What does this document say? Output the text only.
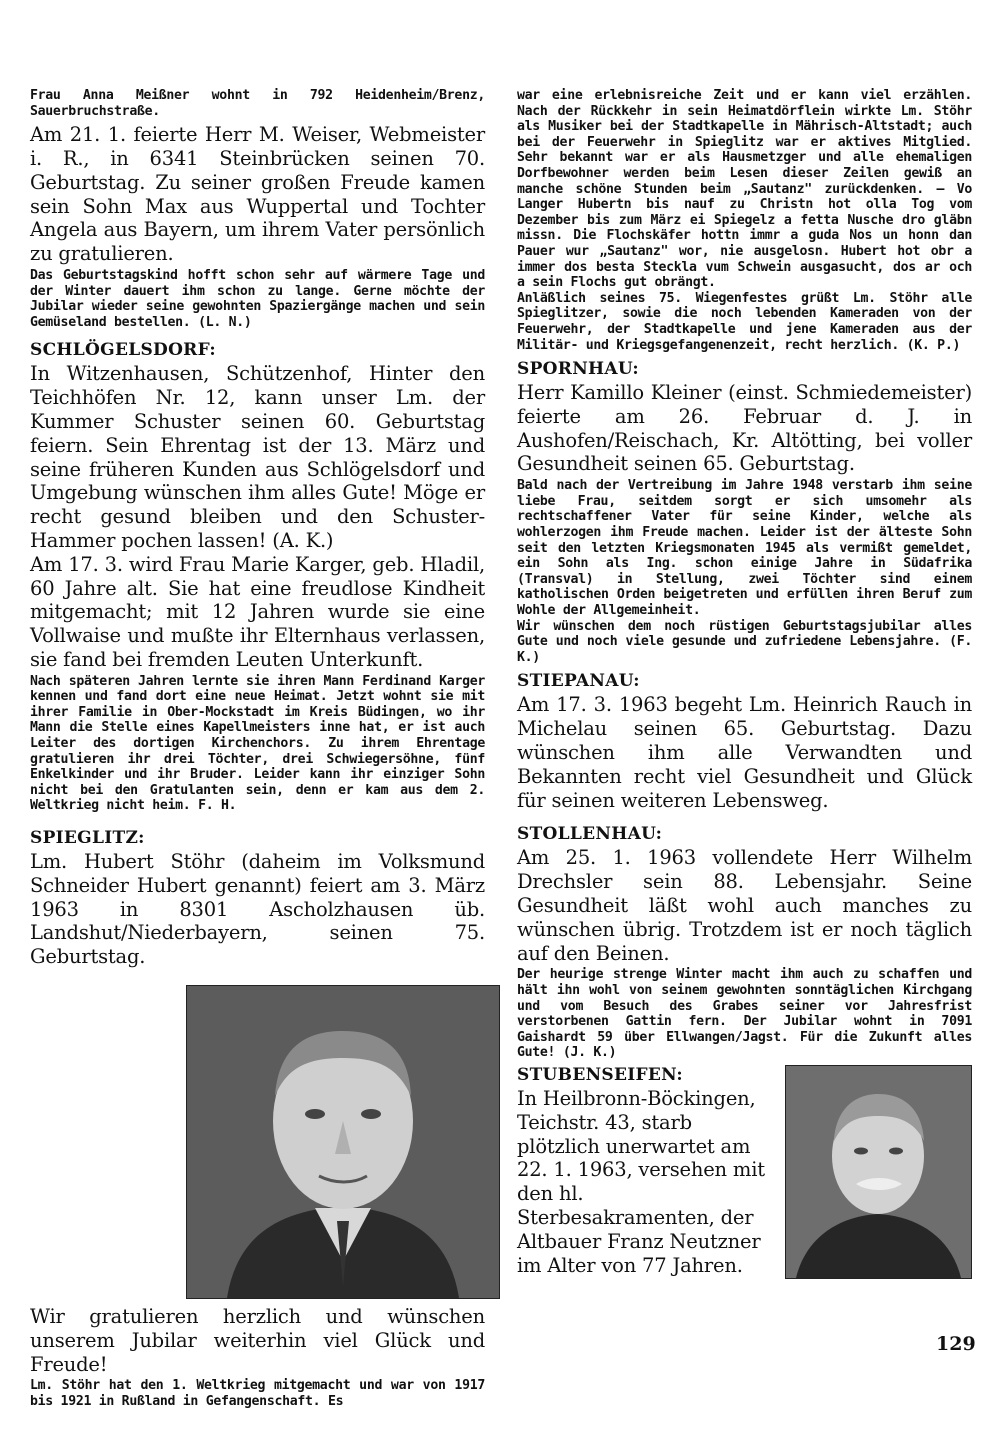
Frau Anna Meißner wohnt in 792 Heidenheim/Brenz, Sauerbruchstraße.

Am 21. 1. feierte Herr M. Weiser, Webmeister i. R., in 6341 Steinbrücken seinen 70. Geburtstag. Zu seiner großen Freude kamen sein Sohn Max aus Wuppertal und Tochter Angela aus Bayern, um ihrem Vater persönlich zu gratulieren.

Das Geburtstagskind hofft schon sehr auf wärmere Tage und der Winter dauert ihm schon zu lange. Gerne möchte der Jubilar wieder seine gewohnten Spaziergänge machen und sein Gemüseland bestellen. (L. N.)

SCHLÖGELSDORF:

In Witzenhausen, Schützenhof, Hinter den Teichhöfen Nr. 12, kann unser Lm. der Kummer Schuster seinen 60. Geburtstag feiern. Sein Ehrentag ist der 13. März und seine früheren Kunden aus Schlögelsdorf und Umgebung wünschen ihm alles Gute! Möge er recht gesund bleiben und den Schuster-Hammer pochen lassen! (A. K.)

Am 17. 3. wird Frau Marie Karger, geb. Hladil, 60 Jahre alt. Sie hat eine freudlose Kindheit mitgemacht; mit 12 Jahren wurde sie eine Vollwaise und mußte ihr Elternhaus verlassen, sie fand bei fremden Leuten Unterkunft.

Nach späteren Jahren lernte sie ihren Mann Ferdinand Karger kennen und fand dort eine neue Heimat. Jetzt wohnt sie mit ihrer Familie in Ober-Mockstadt im Kreis Büdingen, wo ihr Mann die Stelle eines Kapellmeisters inne hat, er ist auch Leiter des dortigen Kirchenchors. Zu ihrem Ehrentage gratulieren ihr drei Töchter, drei Schwiegersöhne, fünf Enkelkinder und ihr Bruder. Leider kann ihr einziger Sohn nicht bei den Gratulanten sein, denn er kam aus dem 2. Weltkrieg nicht heim. F. H.

SPIEGLITZ:

Lm. Hubert Stöhr (daheim im Volksmund Schneider Hubert genannt) feiert am 3. März 1963 in 8301 Ascholzhausen üb. Landshut/Niederbayern, seinen 75. Geburtstag.

Wir gratulieren herzlich und wünschen unserem Jubilar weiterhin viel Glück und Freude!

Lm. Stöhr hat den 1. Weltkrieg mitgemacht und war von 1917 bis 1921 in Rußland in Gefangenschaft. Es

war eine erlebnisreiche Zeit und er kann viel erzählen. Nach der Rückkehr in sein Heimatdörflein wirkte Lm. Stöhr als Musiker bei der Stadtkapelle in Mährisch-Altstadt; auch bei der Feuerwehr in Spieglitz war er aktives Mitglied. Sehr bekannt war er als Hausmetzger und alle ehemaligen Dorfbewohner werden beim Lesen dieser Zeilen gewiß an manche schöne Stunden beim „Sautanz" zurückdenken. — Vo Langer Hubertn bis nauf zu Christn hot olla Tog vom Dezember bis zum März ei Spiegelz a fetta Nusche dro gläbn missn. Die Flochskäfer hottn immr a guda Nos un honn dan Pauer wur „Sautanz" wor, nie ausgelosn. Hubert hot obr a immer dos besta Steckla vum Schwein ausgasucht, dos ar och a sein Flochs gut obrängt.

Anläßlich seines 75. Wiegenfestes grüßt Lm. Stöhr alle Spieglitzer, sowie die noch lebenden Kameraden von der Feuerwehr, der Stadtkapelle und jene Kameraden aus der Militär- und Kriegsgefangenenzeit, recht herzlich. (K. P.)

SPORNHAU:

Herr Kamillo Kleiner (einst. Schmiedemeister) feierte am 26. Februar d. J. in Aushofen/Reischach, Kr. Altötting, bei voller Gesundheit seinen 65. Geburtstag.

Bald nach der Vertreibung im Jahre 1948 verstarb ihm seine liebe Frau, seitdem sorgt er sich umsomehr als rechtschaffener Vater für seine Kinder, welche als wohlerzogen ihm Freude machen. Leider ist der älteste Sohn seit den letzten Kriegsmonaten 1945 als vermißt gemeldet, ein Sohn als Ing. schon einige Jahre in Südafrika (Transval) in Stellung, zwei Töchter sind einem katholischen Orden beigetreten und erfüllen ihren Beruf zum Wohle der Allgemeinheit.

Wir wünschen dem noch rüstigen Geburtstagsjubilar alles Gute und noch viele gesunde und zufriedene Lebensjahre. (F. K.)

STIEPANAU:

Am 17. 3. 1963 begeht Lm. Heinrich Rauch in Michelau seinen 65. Geburtstag. Dazu wünschen ihm alle Verwandten und Bekannten recht viel Gesundheit und Glück für seinen weiteren Lebensweg.

STOLLENHAU:

Am 25. 1. 1963 vollendete Herr Wilhelm Drechsler sein 88. Lebensjahr. Seine Gesundheit läßt wohl auch manches zu wünschen übrig. Trotzdem ist er noch täglich auf den Beinen.

Der heurige strenge Winter macht ihm auch zu schaffen und hält ihn wohl von seinem gewohnten sonntäglichen Kirchgang und vom Besuch des Grabes seiner vor Jahresfrist verstorbenen Gattin fern. Der Jubilar wohnt in 7091 Gaishardt 59 über Ellwangen/Jagst. Für die Zukunft alles Gute! (J. K.)

STUBENSEIFEN:

In Heilbronn-Böckingen, Teichstr. 43, starb plötzlich unerwartet am 22. 1. 1963, versehen mit den hl. Sterbesakramenten, der Altbauer Franz Neutzner im Alter von 77 Jahren.

129
